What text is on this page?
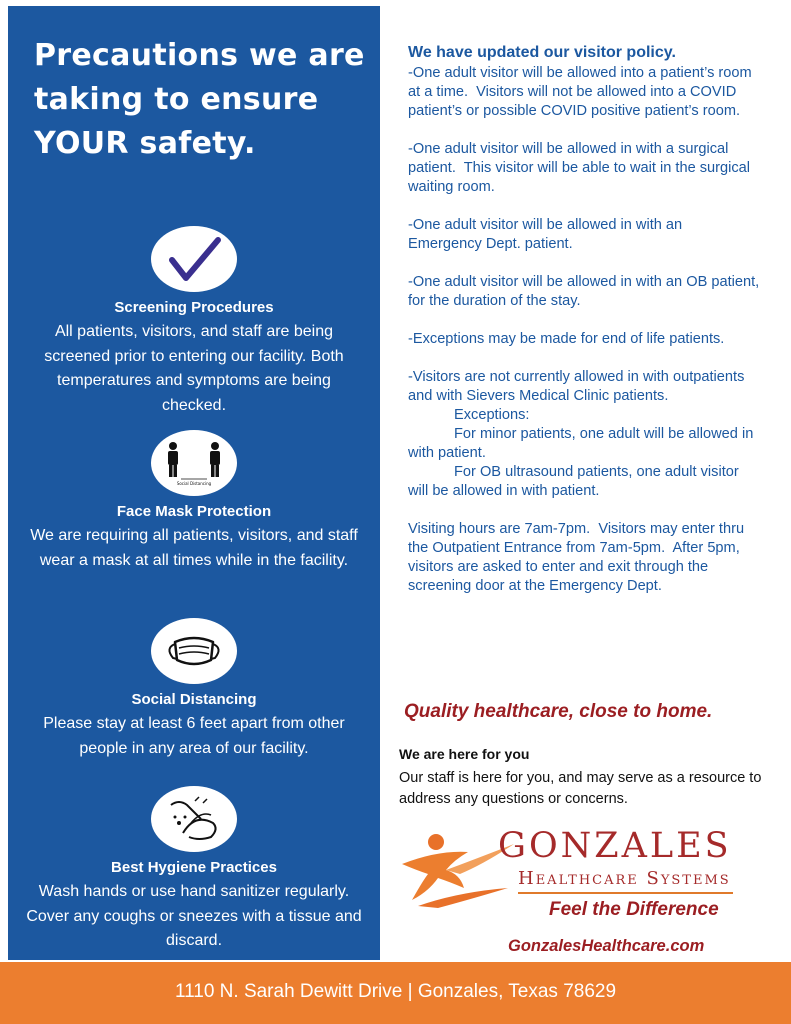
Precautions we are taking to ensure YOUR safety.
Screening Procedures
All patients, visitors, and staff are being screened prior to entering our facility. Both temperatures and symptoms are being checked.
Social Distancing
Face Mask Protection
We are requiring all patients, visitors, and staff wear a mask at all times while in the facility.
Social Distancing
Please stay at least 6 feet apart from other people in any area of our facility.
Best Hygiene Practices
Wash hands or use hand sanitizer regularly. Cover any coughs or sneezes with a tissue and discard.
We have updated our visitor policy.

-One adult visitor will be allowed into a patient’s room at a time.  Visitors will not be allowed into a COVID patient’s or possible COVID positive patient’s room.

-One adult visitor will be allowed in with a surgical patient.  This visitor will be able to wait in the surgical waiting room.

-One adult visitor will be allowed in with an Emergency Dept. patient.

-One adult visitor will be allowed in with an OB patient, for the duration of the stay.

-Exceptions may be made for end of life patients.

-Visitors are not currently allowed in with outpatients and with Sievers Medical Clinic patients.

Exceptions:

For minor patients, one adult will be allowed in with patient.

For OB ultrasound patients, one adult visitor will be allowed in with patient.

Visiting hours are 7am-7pm.  Visitors may enter thru the Outpatient Entrance from 7am-5pm.  After 5pm, visitors are asked to enter and exit through the screening door at the Emergency Dept.

Quality healthcare, close to home.
We are here for you
Our staff is here for you, and may serve as a resource to address any questions or concerns.
GONZALES
Healthcare Systems
Feel the Difference
GonzalesHealthcare.com
1110 N. Sarah Dewitt Drive | Gonzales, Texas 78629
